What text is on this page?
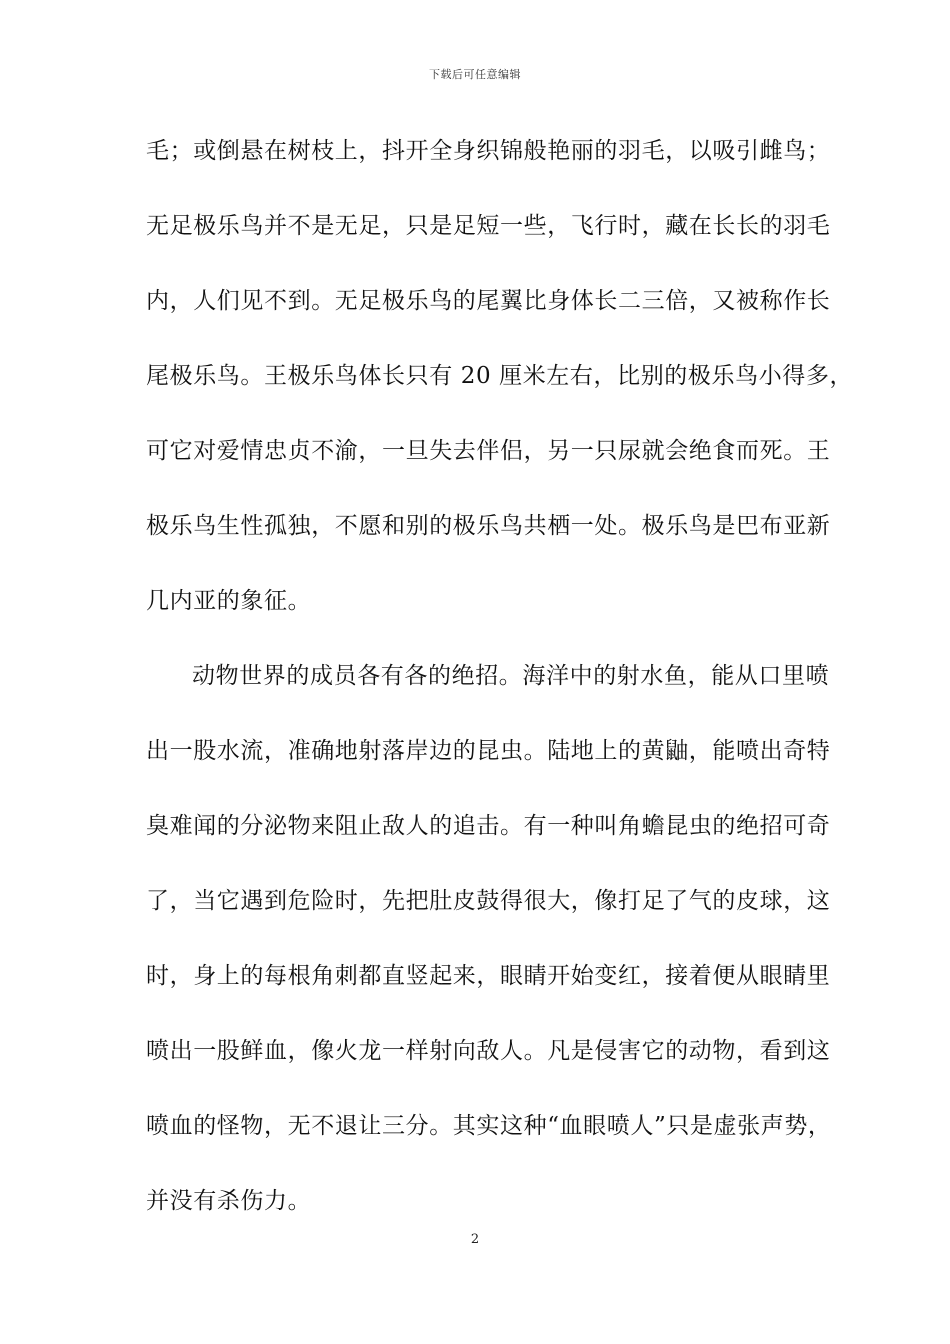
下载后可任意编辑
毛；或倒悬在树枝上，抖开全身织锦般艳丽的羽毛，以吸引雌鸟；
无足极乐鸟并不是无足，只是足短一些，飞行时，藏在长长的羽毛
内，人们见不到。无足极乐鸟的尾翼比身体长二三倍，又被称作长
尾极乐鸟。王极乐鸟体长只有 20 厘米左右，比别的极乐鸟小得多，
可它对爱情忠贞不渝，一旦失去伴侣，另一只尿就会绝食而死。王
极乐鸟生性孤独，不愿和别的极乐鸟共栖一处。极乐鸟是巴布亚新
几内亚的象征。
动物世界的成员各有各的绝招。海洋中的射水鱼，能从口里喷
出一股水流，准确地射落岸边的昆虫。陆地上的黄鼬，能喷出奇特
臭难闻的分泌物来阻止敌人的追击。有一种叫角蟾昆虫的绝招可奇
了，当它遇到危险时，先把肚皮鼓得很大，像打足了气的皮球，这
时，身上的每根角刺都直竖起来，眼睛开始变红，接着便从眼睛里
喷出一股鲜血，像火龙一样射向敌人。凡是侵害它的动物，看到这
喷血的怪物，无不退让三分。其实这种“血眼喷人”只是虚张声势，
并没有杀伤力。
2
